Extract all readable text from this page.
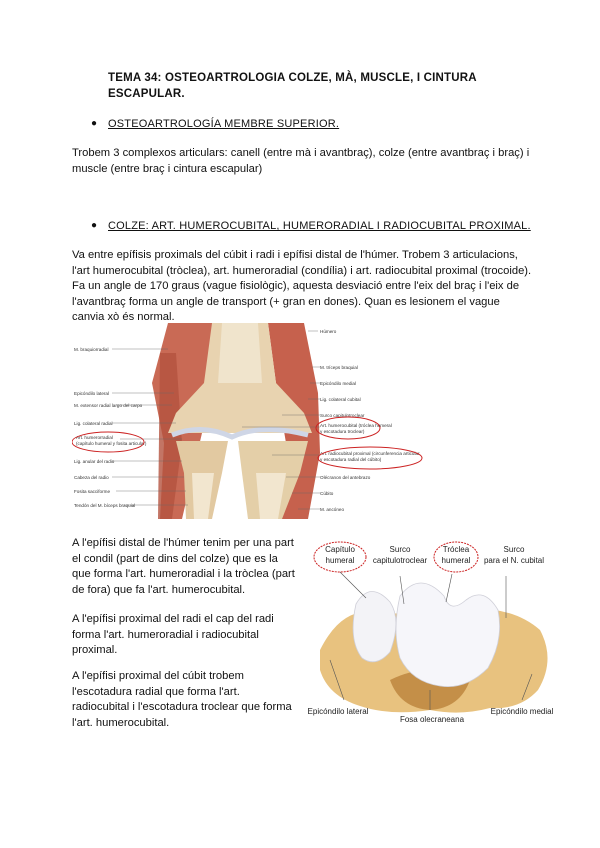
TEMA 34: OSTEOARTROLOGIA COLZE, MÀ, MUSCLE, I CINTURA ESCAPULAR.
● OSTEOARTROLOGÍA MEMBRE SUPERIOR.
Trobem 3 complexos articulars: canell (entre mà i avantbraç), colze (entre avantbraç i braç) i muscle (entre braç i cintura escapular)
● COLZE: ART. HUMEROCUBITAL, HUMERORADIAL I RADIOCUBITAL PROXIMAL.
Va entre epífisis proximals del cúbit i radi i epífisi distal de l'húmer. Trobem 3 articulacions, l'art humerocubital (tròclea), art. humeroradial (condília) i art. radiocubital proximal (trocoide). Fa un angle de 170 graus (vague fisiològic), aquesta desviació entre l'eix del braç i l'eix de l'avantbraç forma un angle de transport (+ gran en dones). Quan es lesionem el vague canvia xò és normal.
M. braquiorradial
Epicóndilo lateral
M. extensor radial largo del carpo
Lig. colateral radial
Art. humerorradial
(capítulo humeral y fosita articular)
Lig. anular del radio
Cabeza del radio
Fosita sacciforme
Tendón del M. bíceps braquial
Húmero
M. tríceps braquial
Epicóndilo medial
Lig. colateral cubital
Surco capitulotroclear
Art. humerocubital (tróclea humeral
y escotadura troclear)
Art. radiocubital proximal (circunferencia articular
y escotadura radial del cúbito)
Olécranon del antebrazo
Cúbito
M. ancóneo
A l'epífisi distal de l'húmer tenim per una part el condil (part de dins del colze) que es la que forma l'art. humeroradial i la tròclea (part de fora) que fa l'art. humerocubital.
A l'epífisi proximal del radi el cap del radi forma l'art. humeroradial i radiocubital proximal.
A l'epífisi proximal del cúbit trobem l'escotadura radial que forma l'art. radiocubital i l'escotadura troclear que forma l'art. humerocubital.
Capítulo
humeral
Surco
capitulotroclear
Tróclea
humeral
Surco
para el N. cubital
Epicóndilo lateral
Fosa olecraneana
Epicóndilo medial
